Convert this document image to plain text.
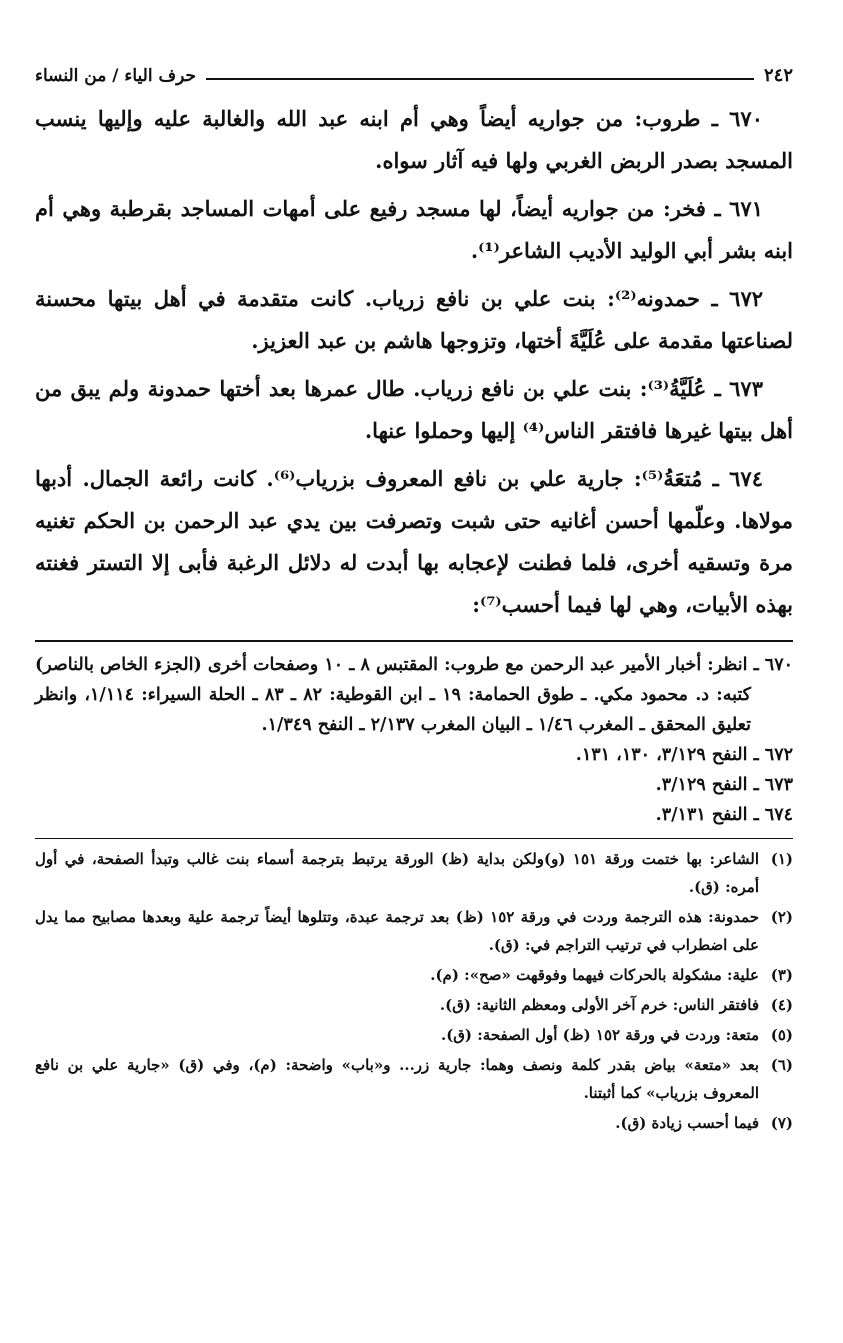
٢٤٢
حرف الياء / من النساء

٦٧٠ ـ طروب: من جواريه أيضاً وهي أم ابنه عبد الله والغالبة عليه وإليها ينسب المسجد بصدر الربض الغربي ولها فيه آثار سواه.

٦٧١ ـ فخر: من جواريه أيضاً، لها مسجد رفيع على أمهات المساجد بقرطبة وهي أم ابنه بشر أبي الوليد الأديب الشاعر⁽¹⁾.

٦٧٢ ـ حمدونه⁽²⁾: بنت علي بن نافع زرياب. كانت متقدمة في أهل بيتها محسنة لصناعتها مقدمة على عُلَيَّةَ أختها، وتزوجها هاشم بن عبد العزيز.

٦٧٣ ـ عُلَيَّةُ⁽³⁾: بنت علي بن نافع زرياب. طال عمرها بعد أختها حمدونة ولم يبق من أهل بيتها غيرها فافتقر الناس⁽⁴⁾ إليها وحملوا عنها.

٦٧٤ ـ مُتعَةُ⁽⁵⁾: جارية علي بن نافع المعروف بزرياب⁽⁶⁾. كانت رائعة الجمال. أدبها مولاها. وعلّمها أحسن أغانيه حتى شبت وتصرفت بين يدي عبد الرحمن بن الحكم تغنيه مرة وتسقيه أخرى، فلما فطنت لإعجابه بها أبدت له دلائل الرغبة فأبى إلا التستر فغنته بهذه الأبيات، وهي لها فيما أحسب⁽⁷⁾:

٦٧٠ ـ انظر: أخبار الأمير عبد الرحمن مع طروب: المقتبس ٨ ـ ١٠ وصفحات أخرى (الجزء الخاص بالناصر) كتبه: د. محمود مكي. ـ طوق الحمامة: ١٩ ـ ابن القوطية: ٨٢ ـ ٨٣ ـ الحلة السيراء: ١/١١٤، وانظر تعليق المحقق ـ المغرب ١/٤٦ ـ البيان المغرب ٢/١٣٧ ـ النفح ١/٣٤٩.

٦٧٢ ـ النفح ٣/١٢٩، ١٣٠، ١٣١.

٦٧٣ ـ النفح ٣/١٢٩.

٦٧٤ ـ النفح ٣/١٣١.

(١)
الشاعر: بها ختمت ورقة ١٥١ (و)ولكن بداية (ظ) الورقة يرتبط بترجمة أسماء بنت غالب وتبدأ الصفحة، في أول أمره: (ق).
(٢)
حمدونة: هذه الترجمة وردت في ورقة ١٥٢ (ظ) بعد ترجمة عبدة، وتتلوها أيضاً ترجمة علية وبعدها مصابيح مما يدل على اضطراب في ترتيب التراجم في: (ق).
(٣)
علية: مشكولة بالحركات فيهما وفوقهت «صح»: (م).
(٤)
فافتقر الناس: خرم آخر الأولى ومعظم الثانية: (ق).
(٥)
متعة: وردت في ورقة ١٥٢ (ظ) أول الصفحة: (ق).
(٦)
بعد «متعة» بياض بقدر كلمة ونصف وهما: جارية زر... و«باب» واضحة: (م)، وفي (ق) «جارية علي بن نافع المعروف بزرياب» كما أثبتنا.
(٧)
فيما أحسب زيادة (ق).
